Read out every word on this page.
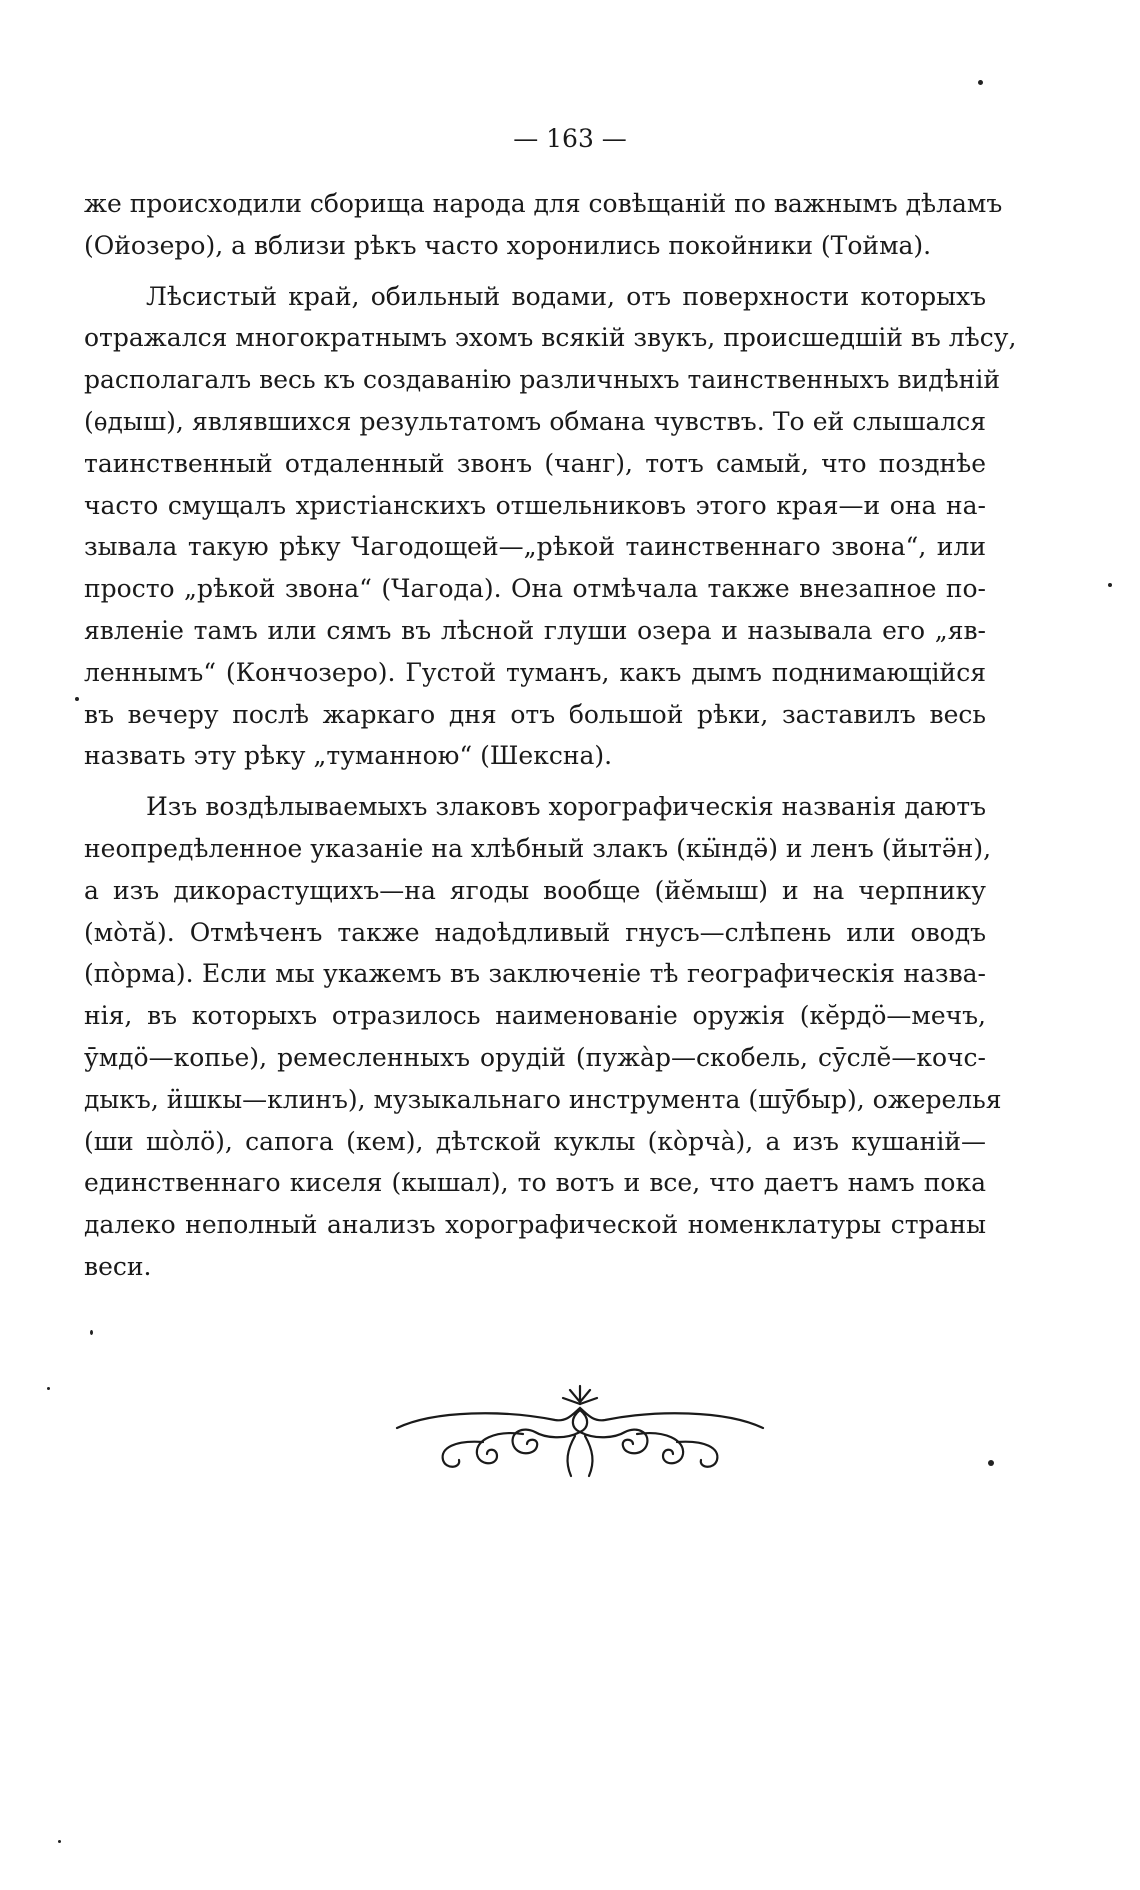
— 163 —
же происходили сборища народа для совѣщаній по важнымъ дѣламъ
(Ойозеро), а вблизи рѣкъ часто хоронились покойники (Тойма).
Лѣсистый край, обильный водами, отъ поверхности которыхъ
отражался многократнымъ эхомъ всякій звукъ, происшедшій въ лѣсу,
располагалъ весь къ создаванію различныхъ таинственныхъ видѣній
(ѳдыш), являвшихся результатомъ обмана чувствъ. То ей слышался
таинственный отдаленный звонъ (чанг), тотъ самый, что позднѣе
часто смущалъ христіанскихъ отшельниковъ этого края—и она на-
зывала такую рѣку Чагодощей—„рѣкой таинственнаго звона“, или
просто „рѣкой звона“ (Чагода). Она отмѣчала также внезапное по-
явленіе тамъ или сямъ въ лѣсной глуши озера и называла его „яв-
леннымъ“ (Кончозеро). Густой туманъ, какъ дымъ поднимающійся
въ вечеру послѣ жаркаго дня отъ большой рѣки, заставилъ весь
назвать эту рѣку „туманною“ (Шексна).
Изъ воздѣлываемыхъ злаковъ хорографическія названія даютъ
неопредѣленное указаніе на хлѣбный злакъ (кӹндӛ) и ленъ (йытӛн),
а изъ дикорастущихъ—на ягоды вообще (йӗмыш) и на черпнику
(мо̀тӑ). Отмѣченъ также надоѣдливый гнусъ—слѣпень или оводъ
(по̀рма). Если мы укажемъ въ заключеніе тѣ географическія назва-
нія, въ которыхъ отразилось наименованіе оружія (кӗрдӧ—мечъ,
ӯмдӧ—копье), ремесленныхъ орудій (пужа̀р—скобель, сӯслӗ—кочс-
дыкъ, ӥшкы—клинъ), музыкальнаго инструмента (шӯбыр), ожерелья
(ши шо̀лӧ), сапога (кем), дѣтской куклы (ко̀рча̀), а изъ кушаній—
единственнаго киселя (кышал), то вотъ и все, что даетъ намъ пока
далеко неполный анализъ хорографической номенклатуры страны
веси.
